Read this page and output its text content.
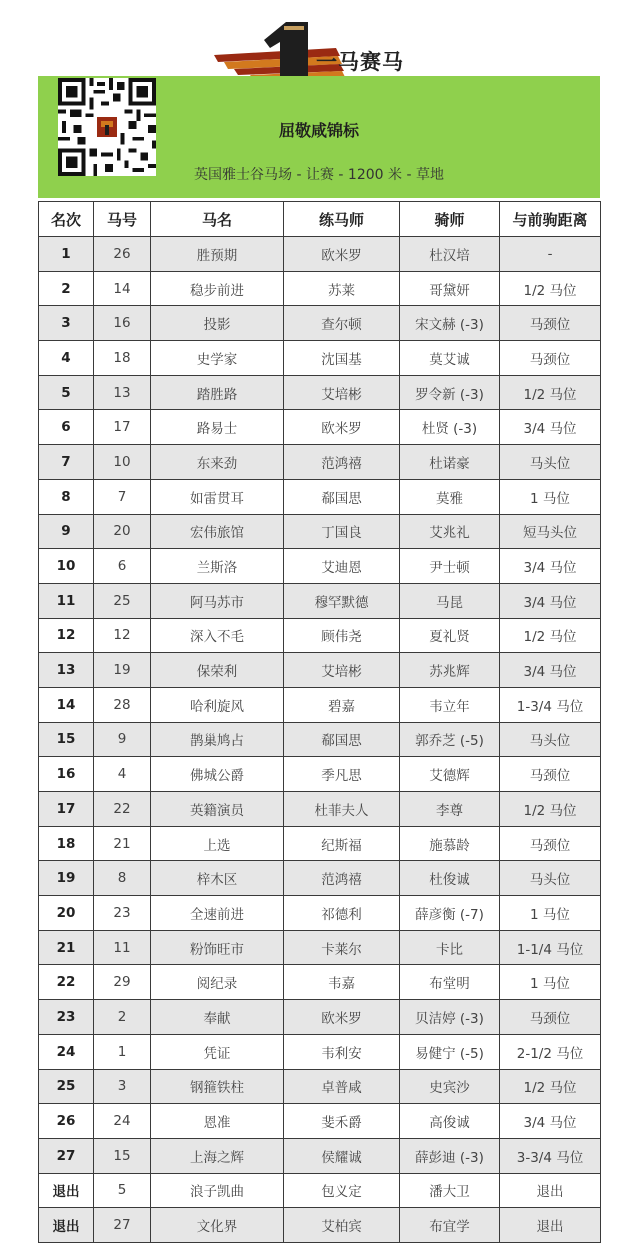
一马赛马
屈敬咸锦标
英国雅士谷马场 - 让赛 - 1200 米 - 草地
名次	马号	马名	练马师	骑师	与前驹距离
1	26	胜预期	欧米罗	杜汉培	-
2	14	稳步前进	苏莱	哥黛妍	1/2 马位
3	16	投影	查尔顿	宋文赫 (-3)	马颈位
4	18	史学家	沈国基	莫艾诚	马颈位
5	13	踏胜路	艾培彬	罗令新 (-3)	1/2 马位
6	17	路易士	欧米罗	杜贤 (-3)	3/4 马位
7	10	东来劲	范鸿禧	杜诺豪	马头位
8	7	如雷贯耳	郗国思	莫雅	1 马位
9	20	宏伟旅馆	丁国良	艾兆礼	短马头位
10	6	兰斯洛	艾迪恩	尹士顿	3/4 马位
11	25	阿马苏市	穆罕默德	马昆	3/4 马位
12	12	深入不毛	顾伟尧	夏礼贤	1/2 马位
13	19	保荣利	艾培彬	苏兆辉	3/4 马位
14	28	哈利旋风	碧嘉	韦立年	1-3/4 马位
15	9	鹊巢鸠占	郗国思	郭乔芝 (-5)	马头位
16	4	佛城公爵	季凡思	艾德辉	马颈位
17	22	英籍演员	杜菲夫人	李尊	1/2 马位
18	21	上选	纪斯福	施慕龄	马颈位
19	8	梓木区	范鸿禧	杜俊诚	马头位
20	23	全速前进	祁德利	薛彦衡 (-7)	1 马位
21	11	粉饰旺市	卡莱尔	卡比	1-1/4 马位
22	29	阅纪录	韦嘉	布堂明	1 马位
23	2	奉献	欧米罗	贝洁婷 (-3)	马颈位
24	1	凭证	韦利安	易健宁 (-5)	2-1/2 马位
25	3	钢箍铁柱	卓普咸	史宾沙	1/2 马位
26	24	恩准	斐禾爵	高俊诚	3/4 马位
27	15	上海之辉	侯耀诚	薛彭迪 (-3)	3-3/4 马位
退出	5	浪子凯曲	包义定	潘大卫	退出
退出	27	文化界	艾柏宾	布宜学	退出
